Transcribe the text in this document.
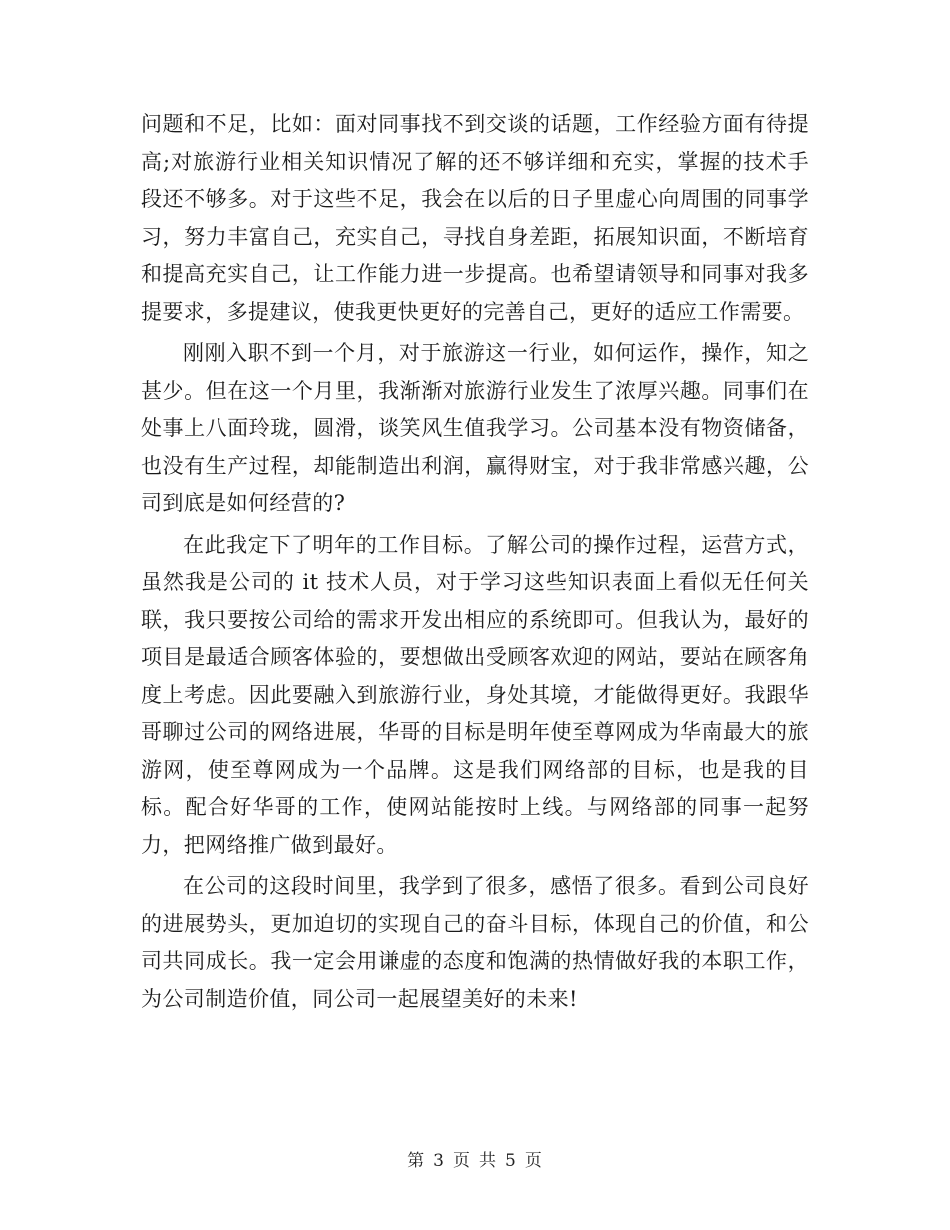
问题和不足，比如：面对同事找不到交谈的话题，工作经验方面有待提高;对旅游行业相关知识情况了解的还不够详细和充实，掌握的技术手段还不够多。对于这些不足，我会在以后的日子里虚心向周围的同事学习，努力丰富自己，充实自己，寻找自身差距，拓展知识面，不断培育和提高充实自己，让工作能力进一步提高。也希望请领导和同事对我多提要求，多提建议，使我更快更好的完善自己，更好的适应工作需要。

刚刚入职不到一个月，对于旅游这一行业，如何运作，操作，知之甚少。但在这一个月里，我渐渐对旅游行业发生了浓厚兴趣。同事们在处事上八面玲珑，圆滑，谈笑风生值我学习。公司基本没有物资储备，也没有生产过程，却能制造出利润，赢得财宝，对于我非常感兴趣，公司到底是如何经营的?

在此我定下了明年的工作目标。了解公司的操作过程，运营方式，虽然我是公司的 it 技术人员，对于学习这些知识表面上看似无任何关联，我只要按公司给的需求开发出相应的系统即可。但我认为，最好的项目是最适合顾客体验的，要想做出受顾客欢迎的网站，要站在顾客角度上考虑。因此要融入到旅游行业，身处其境，才能做得更好。我跟华哥聊过公司的网络进展，华哥的目标是明年使至尊网成为华南最大的旅游网，使至尊网成为一个品牌。这是我们网络部的目标，也是我的目标。配合好华哥的工作，使网站能按时上线。与网络部的同事一起努力，把网络推广做到最好。

在公司的这段时间里，我学到了很多，感悟了很多。看到公司良好的进展势头，更加迫切的实现自己的奋斗目标，体现自己的价值，和公司共同成长。我一定会用谦虚的态度和饱满的热情做好我的本职工作，为公司制造价值，同公司一起展望美好的未来!

第 3 页 共 5 页
